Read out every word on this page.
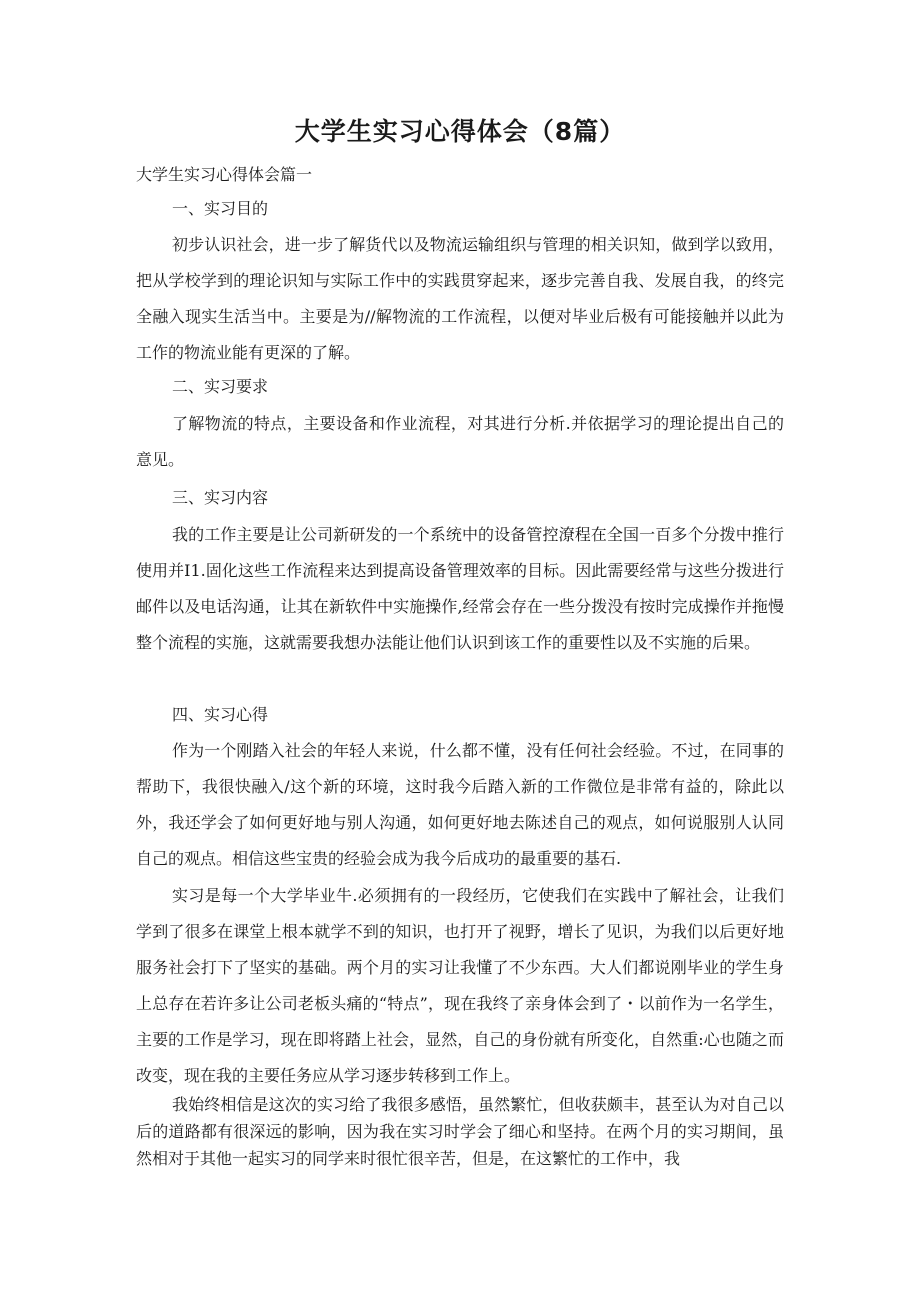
大学生实习心得体会（8篇）
大学生实习心得体会篇一
一、实习目的
初步认识社会，进一步了解货代以及物流运输组织与管理的相关识知，做到学以致用，把从学校学到的理论识知与实际工作中的实践贯穿起来，逐步完善自我、发展自我，的终完全融入现实生活当中。主要是为//解物流的工作流程，以便对毕业后极有可能接触并以此为工作的物流业能有更深的了解。
二、实习要求
了解物流的特点，主要设备和作业流程，对其进行分析.并依据学习的理论提出自己的意见。
三、实习内容
我的工作主要是让公司新研发的一个系统中的设备管控潦程在全国一百多个分拨中推行使用并I1.固化这些工作流程来达到提高设备管理效率的目标。因此需要经常与这些分拨进行邮件以及电话沟通，让其在新软件中实施操作,经常会存在一些分拨没有按时完成操作并拖慢整个流程的实施，这就需要我想办法能让他们认识到该工作的重要性以及不实施的后果。
四、实习心得
作为一个刚踏入社会的年轻人来说，什么都不懂，没有任何社会经验。不过，在同事的帮助下，我很快融入/这个新的环境，这时我今后踏入新的工作微位是非常有益的，除此以外，我还学会了如何更好地与别人沟通，如何更好地去陈述自己的观点，如何说服别人认同自己的观点。相信这些宝贵的经验会成为我今后成功的最重要的基石.
实习是每一个大学毕业牛.必须拥有的一段经历，它使我们在实践中了解社会，让我们学到了很多在课堂上根本就学不到的知识，也打开了视野，增长了见识，为我们以后更好地服务社会打下了坚实的基础。两个月的实习让我懂了不少东西。大人们都说刚毕业的学生身上总存在若许多让公司老板头痛的“特点”，现在我终了亲身体会到了・以前作为一名学生，主要的工作是学习，现在即将踏上社会，显然，自己的身份就有所变化，自然重:心也随之而改变，现在我的主要任务应从学习逐步转移到工作上。
我始终相信是这次的实习给了我很多感悟，虽然繁忙，但收获颇丰，甚至认为对自己以后的道路都有很深远的影响，因为我在实习时学会了细心和坚持。在两个月的实习期间，虽然相对于其他一起实习的同学来时很忙很辛苦，但是，在这繁忙的工作中，我
